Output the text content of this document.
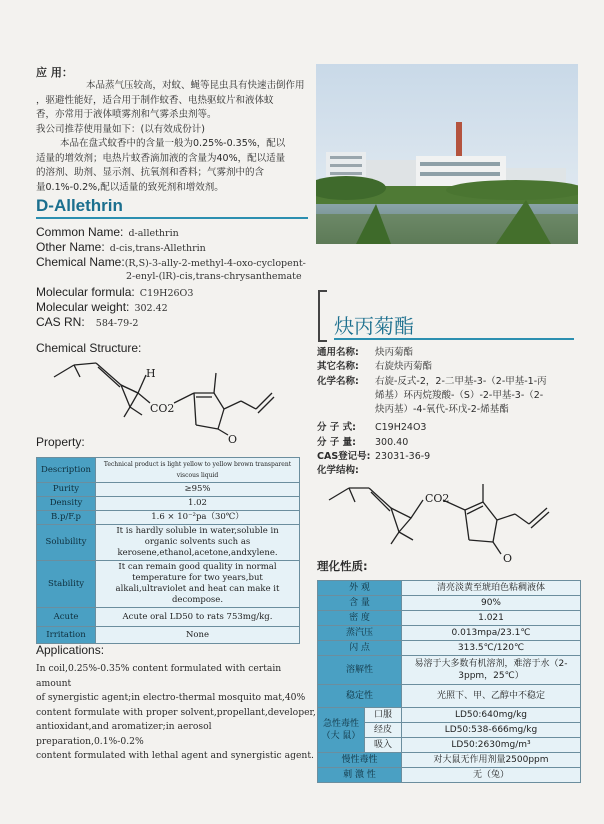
应 用：
本品蒸气压较高，对蚊、蝇等昆虫具有快速击倒作用
，驱避性能好，适合用于制作蚊香、电热驱蚊片和液体蚊
香，亦常用于液体喷雾剂和气雾杀虫剂等。
我公司推荐使用量如下：(以有效成份计)
本品在盘式蚊香中的含量一般为0.25%-0.35%，配以
适量的增效剂；电热片蚊香滴加液的含量为40%，配以适量
的溶剂、助剂、显示剂、抗氧剂和香料；气雾剂中的含
量0.1%-0.2%,配以适量的致死剂和增效剂。
D-Allethrin
Common Name: d-allethrin
Other Name: d-cis,trans-Allethrin
Chemical Name:(R,S)-3-ally-2-methyl-4-oxo-cyclopent-
2-enyl-(lR)-cis,trans-chrysanthemate
Molecular formula: C19H26O3
Molecular weight: 302.42
CAS RN: 584-79-2
Chemical Structure:
H
CO2
O
Property:
Description	Technical product is light yellow to yellow brown transparent viscous liquid
Purity	≥95%
Density	1.02
B.p/F.p	1.6 × 10⁻²pa（30℃）
Solubility	It is hardly soluble in water,soluble in organic solvents such as kerosene,ethanol,acetone,andxylene.
Stability	It can remain good quality in normal temperature for two years,but alkali,ultraviolet and heat can make it decompose.
Acute	Acute oral LD50 to rats 753mg/kg.
Irritation	None
Applications:
In coil,0.25%-0.35% content formulated with certain amount
of synergistic agent;in electro-thermal mosquito mat,40%
content formulate with proper solvent,propellant,developer,
antioxidant,and aromatizer;in aerosol preparation,0.1%-0.2%
content formulated with lethal agent and synergistic agent.
炔丙菊酯
通用名称: 炔丙菊酯
其它名称: 右旋炔丙菊酯
化学名称: 右旋-反式-2，2-二甲基-3-（2-甲基-1-丙
烯基）环丙烷羧酸-（S）-2-甲基-3-（2-
炔丙基）-4-氧代-环戊-2-烯基酯
分 子 式: C19H24O3
分 子 量: 300.40
CAS登记号: 23031-36-9
化学结构:
CO2
O
理化性质:
外 观		清亮淡黄至琥珀色粘稠液体
含 量		90%
密 度		1.021
蒸汽压		0.013mpa/23.1℃
闪 点		313.5℃/120℃
溶解性		易溶于大多数有机溶剂，难溶于水（2-3ppm，25℃）
稳定性		光照下、甲、乙醇中不稳定
急性毒性（大 鼠）	口服	LD50:640mg/kg
	经皮	LD50:538-666mg/kg
	吸入	LD50:2630mg/m³
慢性毒性		对大鼠无作用剂量2500ppm
刺 激 性		无（兔）
